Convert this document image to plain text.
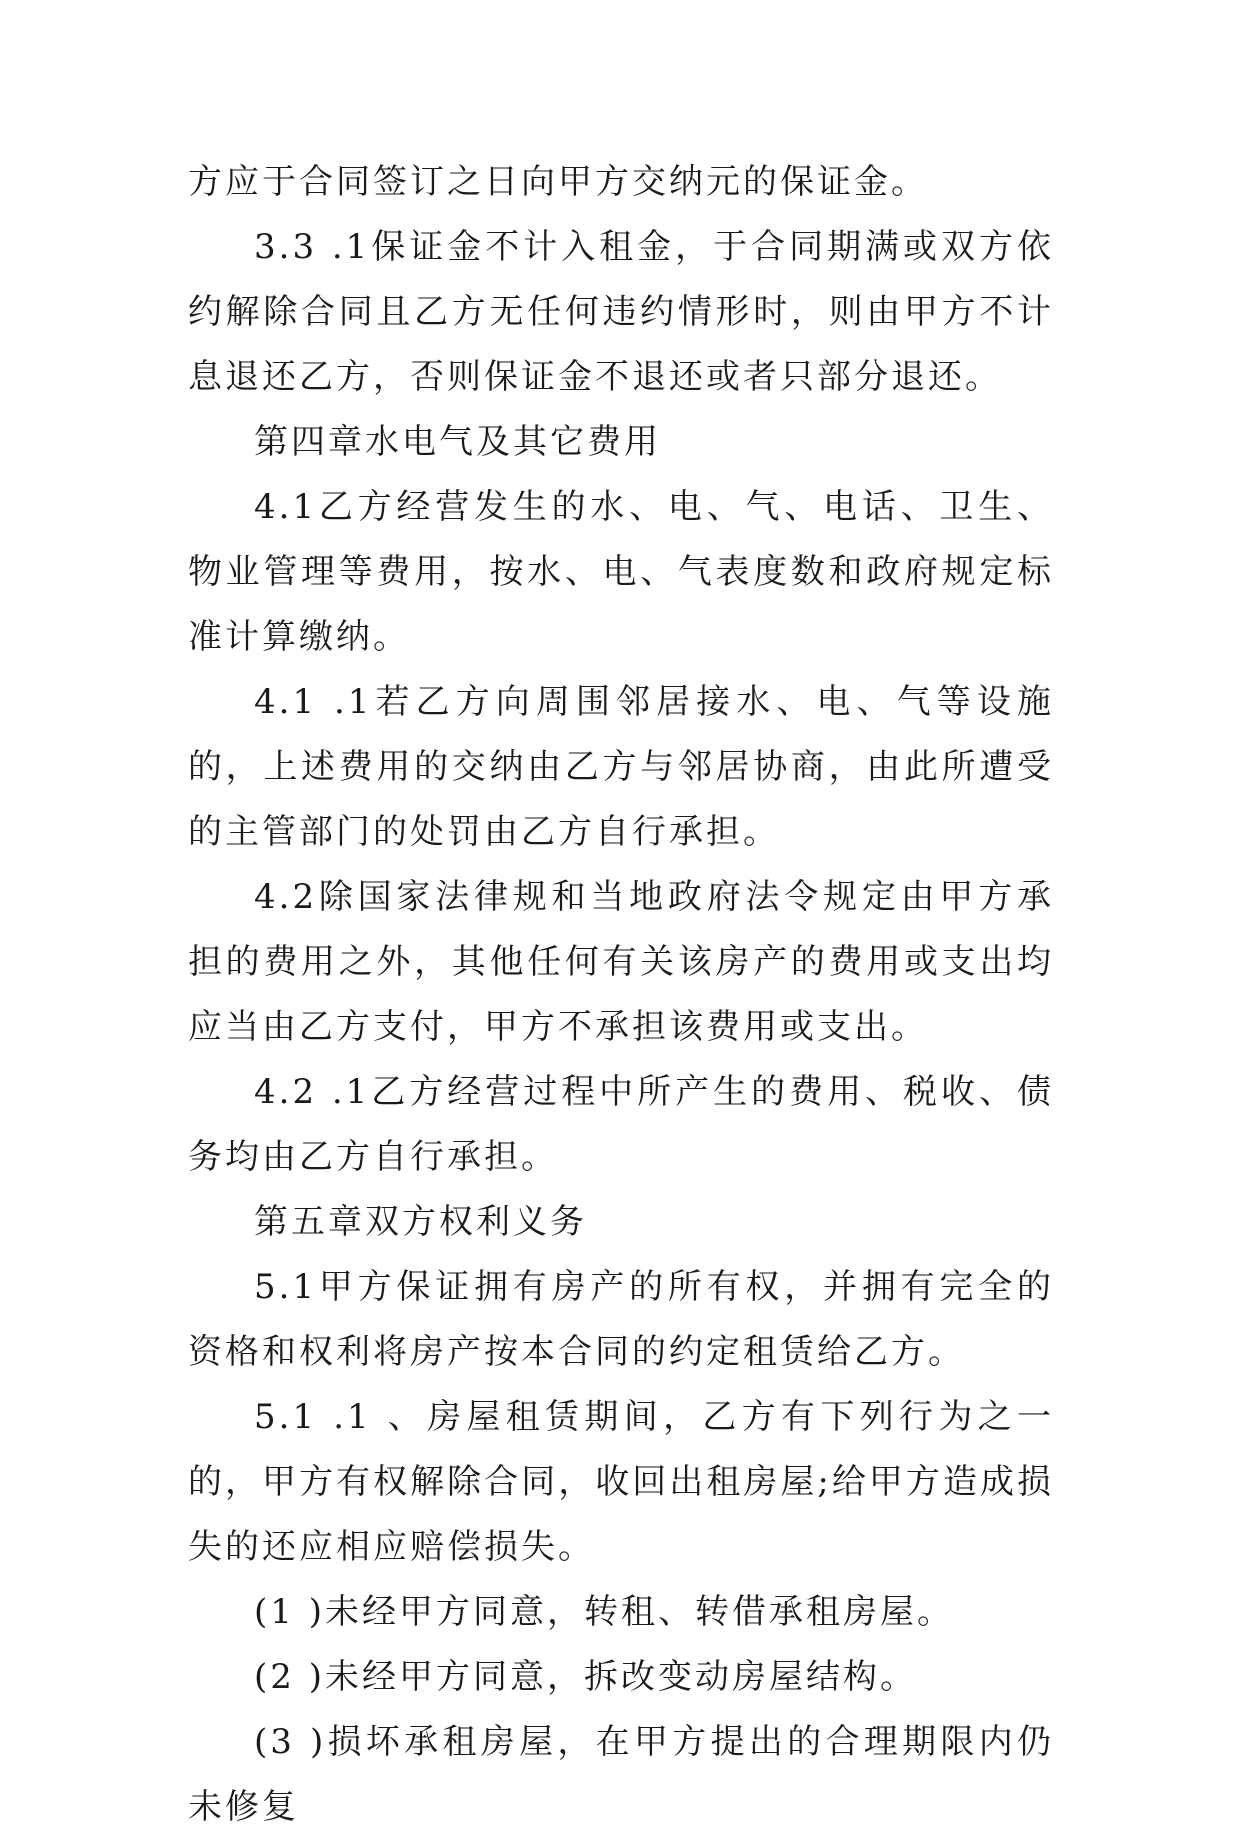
方应于合同签订之日向甲方交纳元的保证金。

3.3 .1保证金不计入租金，于合同期满或双方依约解除合同且乙方无任何违约情形时，则由甲方不计息退还乙方，否则保证金不退还或者只部分退还。

第四章水电气及其它费用

4.1乙方经营发生的水、电、气、电话、卫生、物业管理等费用，按水、电、气表度数和政府规定标准计算缴纳。

4.1 .1若乙方向周围邻居接水、电、气等设施的，上述费用的交纳由乙方与邻居协商，由此所遭受的主管部门的处罚由乙方自行承担。

4.2除国家法律规和当地政府法令规定由甲方承担的费用之外，其他任何有关该房产的费用或支出均应当由乙方支付，甲方不承担该费用或支出。

4.2 .1乙方经营过程中所产生的费用、税收、债务均由乙方自行承担。

第五章双方权利义务

5.1甲方保证拥有房产的所有权，并拥有完全的资格和权利将房产按本合同的约定租赁给乙方。

5.1 .1 、房屋租赁期间，乙方有下列行为之一的，甲方有权解除合同，收回出租房屋;给甲方造成损失的还应相应赔偿损失。

(1 )未经甲方同意，转租、转借承租房屋。

(2 )未经甲方同意，拆改变动房屋结构。

(3 )损坏承租房屋，在甲方提出的合理期限内仍未修复
